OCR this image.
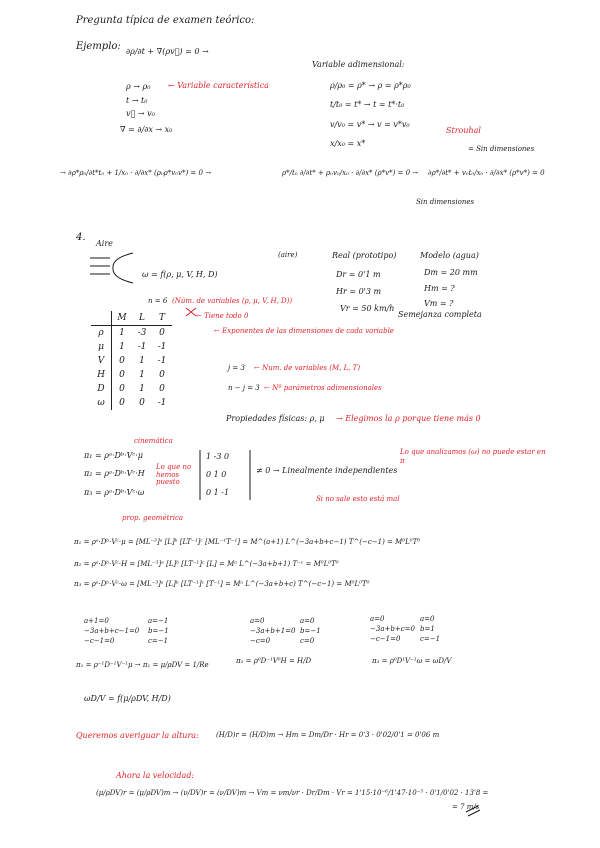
Pregunta típica de examen teórico:
Ejemplo: ∂ρ/∂t + ∇(ρv⃗) = 0 →
ρ → ρ₀ ← Variable característica
t → t₀
v⃗ → v₀
∇ = ∂/∂x → x₀
Variable adimensional:
ρ/ρ₀ = ρ* → ρ = ρ*ρ₀
t/t₀ = t* → t = t*·t₀
v/v₀ = v* → v = v*v₀
x/x₀ = x*
Strouhal
= Sin dimensiones
→ ∂ρ*ρ₀/∂t*t₀ + 1/x₀ · ∂/∂x* (ρ₀ρ*v₀v*) = 0 →	ρ*/t₀ ∂/∂t* + ρ₀v₀/x₀ · ∂/∂x* (ρ*v*) = 0 → ∂ρ*/∂t* + v₀t₀/x₀ · ∂/∂x* (ρ*v*) = 0
Sin dimensiones
4.
Aire
ω = f(ρ, μ, V, H, D)
n = 6 (Núm. de variables (ρ, μ, V, H, D))
← Tiene todo 0
← Exponentes de las dimensiones de cada variable
(aire)	Real (prototipo)	Modelo (agua)
Dr = 0'1 m
Hr = 0'3 m
Vr = 50 km/h
Dm = 20 mm
Hm = ?
Vm = ?
Semejanza completa
j = 3 ← Num. de variables (M, L, T)
n − j = 3 ← Nº parámetros adimensionales
Propiedades físicas: ρ, μ → Elegimos la ρ porque tiene más 0
	M	L	T
ρ	1	-3	0
μ	1	-1	-1
V	0	1	-1
H	0	1	0
D	0	1	0
ω	0	0	-1
cinemática
π₁ = ρᵃ·Dᵇ·Vᶜ·μ
π₂ = ρᵃ·Dᵇ·Vᶜ·H
π₃ = ρᵃ·Dᵇ·Vᶜ·ω
Lo que no hemos puesto
prop. geométrica
1 -3 0
0 1 0
0 1 -1
≠ 0 → Linealmente independientes
Si no sale esto está mal
Lo que analizamos (ω) no puede estar en π
π₁ = ρᵃ·Dᵇ·Vᶜ·μ = [ML⁻³]ᵃ [L]ᵇ [LT⁻¹]ᶜ [ML⁻¹T⁻¹] = M^(a+1) L^(−3a+b+c−1) T^(−c−1) = M⁰L⁰T⁰
π₂ = ρᵃ·Dᵇ·Vᶜ·H = [ML⁻³]ᵃ [L]ᵇ [LT⁻¹]ᶜ [L] = Mᵃ L^(−3a+b+1) T⁻ᶜ = M⁰L⁰T⁰
π₃ = ρᵃ·Dᵇ·Vᶜ·ω = [ML⁻³]ᵃ [L]ᵇ [LT⁻¹]ᶜ [T⁻¹] = Mᵃ L^(−3a+b+c) T^(−c−1) = M⁰L⁰T⁰
a+1=0
−3a+b+c−1=0
−c−1=0
a=−1
b=−1
c=−1
a=0
−3a+b+1=0
−c=0
a=0
b=−1
c=0
a=0
−3a+b+c=0
−c−1=0
a=0
b=1
c=−1
π₁ = ρ⁻¹D⁻¹V⁻¹μ → π₁ = μ/ρDV = 1/Re	π₂ = ρ⁰D⁻¹V⁰H = H/D	π₃ = ρ⁰D¹V⁻¹ω = ωD/V
ωD/V = f(μ/ρDV, H/D)
Queremos averiguar la altura: (H/D)r = (H/D)m → Hm = Dm/Dr · Hr = 0'3 · 0'02/0'1 = 0'06 m
Ahora la velocidad:
(μ/ρDV)r = (μ/ρDV)m → (ν/DV)r = (ν/DV)m → Vm = νm/νr · Dr/Dm · Vr = 1'15·10⁻⁶/1'47·10⁻⁵ · 0'1/0'02 · 13'8 =
= 7 m/s
